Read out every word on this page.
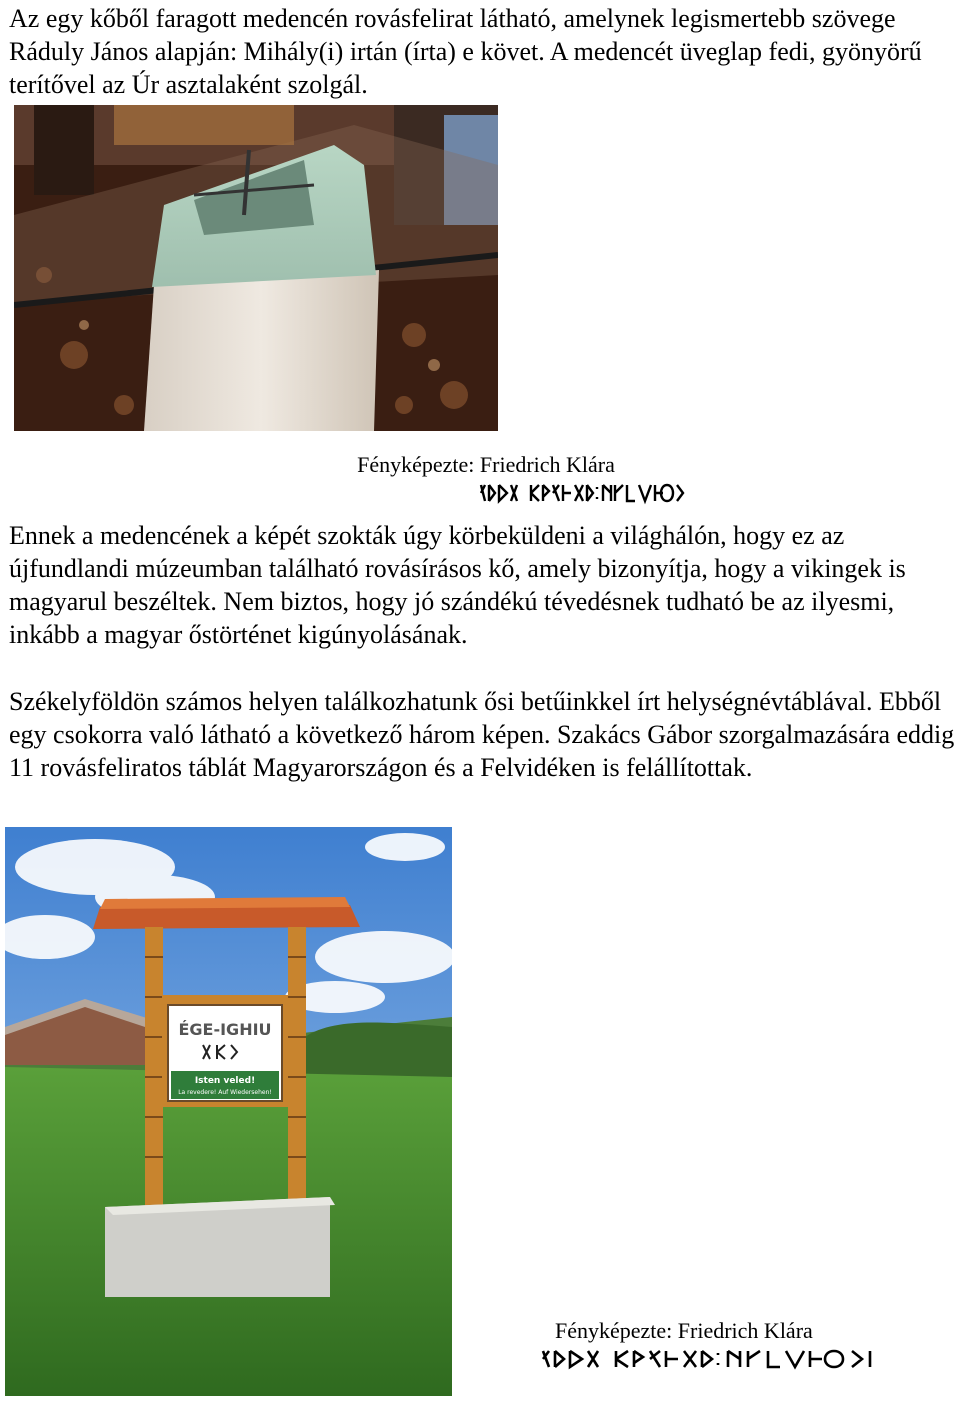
Az egy kőből faragott medencén rovásfelirat látható, amelynek legismertebb szövege Ráduly János alapján: Mihály(i) irtán (írta) e követ. A medencét üveglap fedi, gyönyörű terítővel az Úr asztalaként szolgál.

Fényképezte: Friedrich Klára

Ennek a medencének a képét szokták úgy körbeküldeni a világhálón, hogy ez az újfundlandi múzeumban található rovásírásos kő, amely bizonyítja, hogy a vikingek is magyarul beszéltek. Nem biztos, hogy jó szándékú tévedésnek tudható be az ilyesmi, inkább a magyar őstörténet kigúnyolásának.

Székelyföldön számos helyen találkozhatunk ősi betűinkkel írt helységnévtáblával. Ebből egy csokorra való látható a következő három képen. Szakács Gábor szorgalmazására eddig 11 rovásfeliratos táblát Magyarországon és a Felvidéken is felállítottak.

ÉGE-IGHIU
Isten veled!
La revedere! Auf Wiedersehen!
Fényképezte: Friedrich Klára
